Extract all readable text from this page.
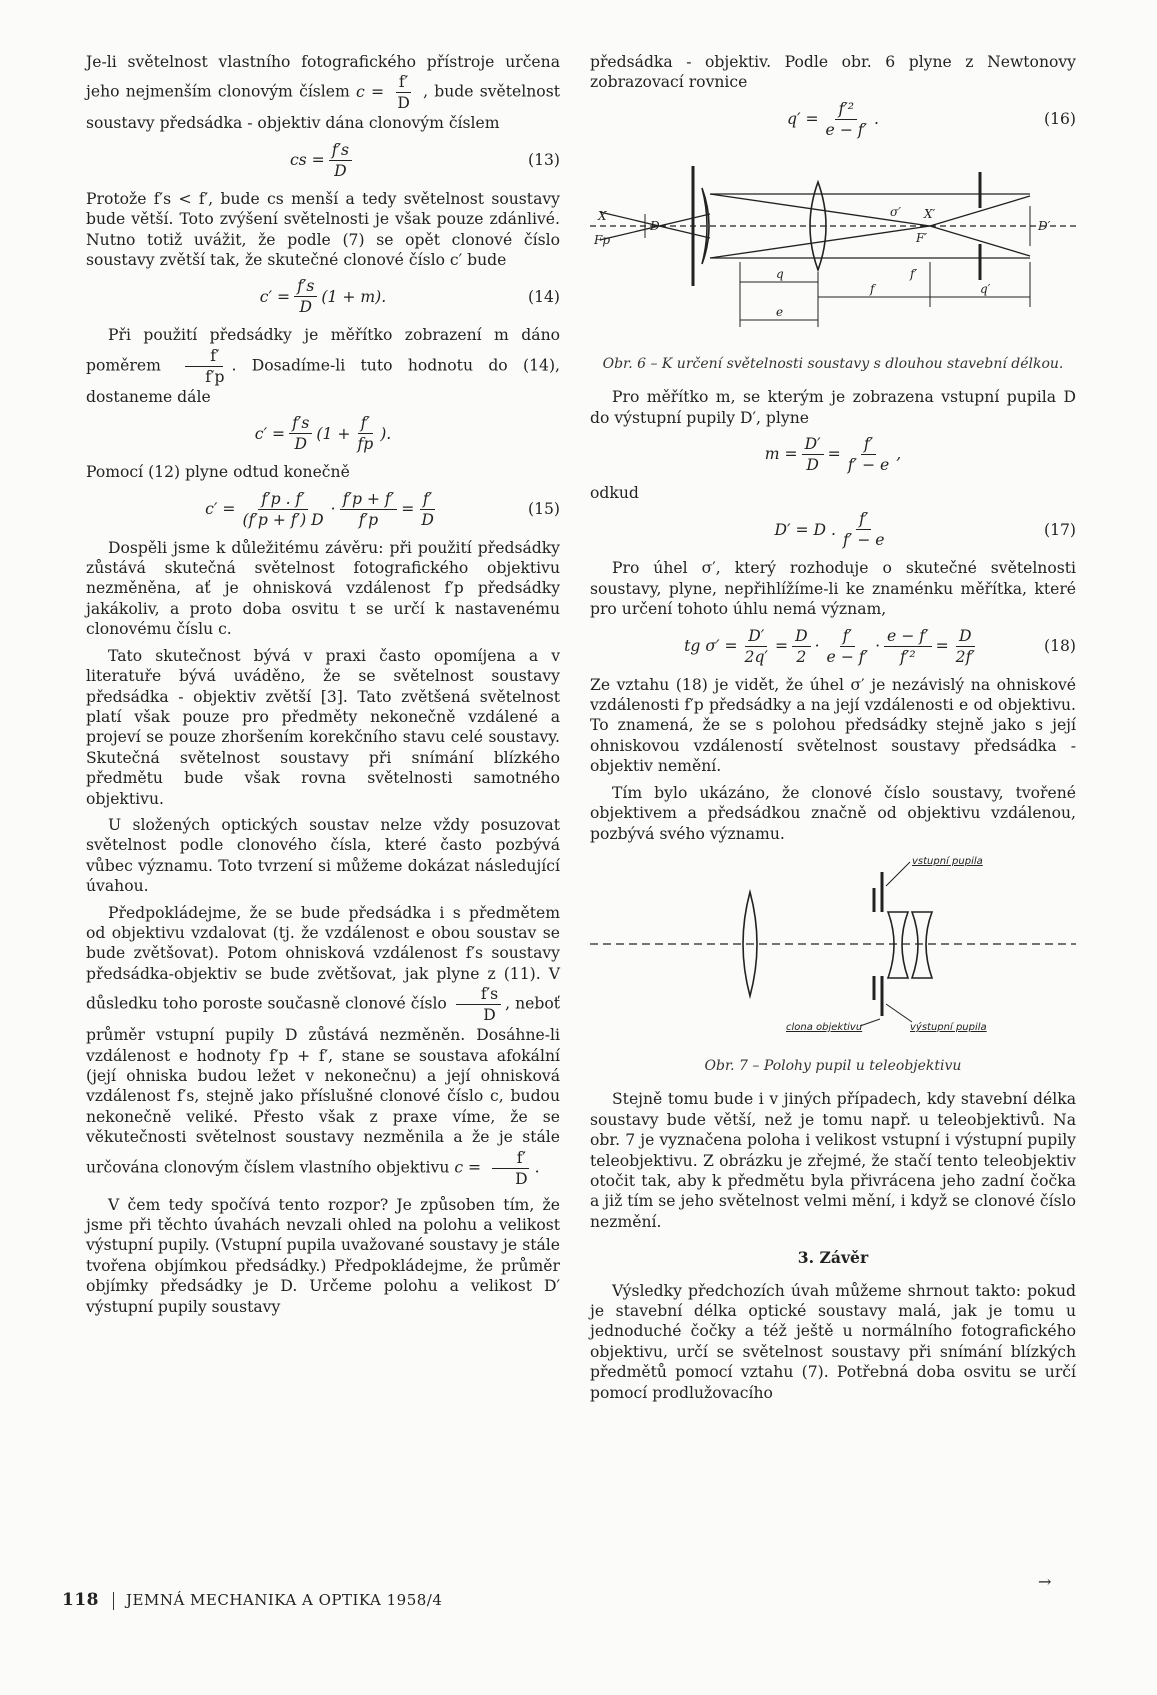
Je-li světelnost vlastního fotografického přístroje určena jeho nejmenším clonovým číslem $c = \frac{f'}{D}$ , bude světelnost soustavy předsádka - objektiv dána clonovým číslem

cs = $\frac{f's}{D}$	(13)

Protože f′s < f′, bude cs menší a tedy světelnost soustavy bude větší. Toto zvýšení světelnosti je však pouze zdánlivé. Nutno totiž uvážit, že podle (7) se opět clonové číslo soustavy zvětší tak, že skutečné clonové číslo c′ bude

$c' = \frac{f's}{D} (1 + m)$.	(14)

Při použití předsádky je měřítko zobrazení m dáno poměrem $\frac{f'}{f'p}$ . Dosadíme-li tuto hodnotu do (14), dostaneme dále

$c' = \frac{f's}{D} (1 + \frac{f'}{fp}$ ).

Pomocí (12) plyne odtud konečně

$c' = \frac{f'p . f'}{(f'p + f') D} \cdot \frac{f'p + f'}{f'p} = \frac{f'}{D}$	(15)

Dospěli jsme k důležitému závěru: při použití předsádky zůstává skutečná světelnost fotografického objektivu nezměněna, ať je ohnisková vzdálenost f′p předsádky jakákoliv, a proto doba osvitu t se určí k nastavenému clonovému číslu c.

Tato skutečnost bývá v praxi často opomíjena a v literatuře bývá uváděno, že se světelnost soustavy předsádka - objektiv zvětší [3]. Tato zvětšená světelnost platí však pouze pro předměty nekonečně vzdálené a projeví se pouze zhoršením korekčního stavu celé soustavy. Skutečná světelnost soustavy při snímání blízkého předmětu bude však rovna světelnosti samotného objektivu.

U složených optických soustav nelze vždy posuzovat světelnost podle clonového čísla, které často pozbývá vůbec významu. Toto tvrzení si můžeme dokázat následující úvahou.

Předpokládejme, že se bude předsádka i s předmětem od objektivu vzdalovat (tj. že vzdálenost e obou soustav se bude zvětšovat). Potom ohnisková vzdálenost f′s soustavy předsádka-objektiv se bude zvětšovat, jak plyne z (11). V důsledku toho poroste současně clonové číslo $\frac{f's}{D}$ , neboť průměr vstupní pupily D zůstává nezměněn. Dosáhne-li vzdálenost e hodnoty f′p + f′, stane se soustava afokální (její ohniska budou ležet v nekonečnu) a její ohnisková vzdálenost f′s, stejně jako příslušné clonové číslo c, budou nekonečně veliké. Přesto však z praxe víme, že se věkutečnosti světelnost soustavy nezměnila a že je stále určována clonovým číslem vlastního objektivu $c = \frac{f'}{D}$ .

V čem tedy spočívá tento rozpor? Je způsoben tím, že jsme při těchto úvahách nevzali ohled na polohu a velikost výstupní pupily. (Vstupní pupila uvažované soustavy je stále tvořena objímkou předsádky.) Předpokládejme, že průměr objímky předsádky je D. Určeme polohu a velikost D′ výstupní pupily soustavy

předsádka - objektiv. Podle obr. 6 plyne z Newtonovy zobrazovací rovnice

$q' = \frac{\text{f′²}}{e - f'}$ .	(16)
X
Fp
D
σ′ X′
F′
D′
q
f
f′
q′
e
Obr. 6 – K určení světelnosti soustavy s dlouhou stavební délkou.

Pro měřítko m, se kterým je zobrazena vstupní pupila D do výstupní pupily D′, plyne

$m = \frac{D'}{D} = \frac{f'}{f' - e}$ ,

odkud

D′ = D . $\frac{f'}{f' - e}$	(17)

Pro úhel σ′, který rozhoduje o skutečné světelnosti soustavy, plyne, nepřihlížíme-li ke znaménku měřítka, které pro určení tohoto úhlu nemá význam,

tg $\sigma' = \frac{D'}{2q'} = \frac{D}{2} \cdot \frac{f'}{e - f'} \cdot \frac{e - f'}{\text{f′²}} = \frac{D}{2f'}$	(18)

Ze vztahu (18) je vidět, že úhel σ′ je nezávislý na ohniskové vzdálenosti f′p předsádky a na její vzdálenosti e od objektivu. To znamená, že se s polohou předsádky stejně jako s její ohniskovou vzdáleností světelnost soustavy předsádka - objektiv nemění.

Tím bylo ukázáno, že clonové číslo soustavy, tvořené objektivem a předsádkou značně od objektivu vzdálenou, pozbývá svého významu.

vstupní pupila
clona objektivu	výstupní pupila
Obr. 7 – Polohy pupil u teleobjektivu

Stejně tomu bude i v jiných případech, kdy stavební délka soustavy bude větší, než je tomu např. u teleobjektivů. Na obr. 7 je vyznačena poloha i velikost vstupní i výstupní pupily teleobjektivu. Z obrázku je zřejmé, že stačí tento teleobjektiv otočit tak, aby k předmětu byla přivrácena jeho zadní čočka a již tím se jeho světelnost velmi mění, i když se clonové číslo nezmění.

3. Závěr

Výsledky předchozích úvah můžeme shrnout takto: pokud je stavební délka optické soustavy malá, jak je tomu u jednoduché čočky a též ještě u normálního fotografického objektivu, určí se světelnost soustavy při snímání blízkých předmětů pomocí vztahu (7). Potřebná doba osvitu se určí pomocí prodlužovacího

→
118 JEMNÁ MECHANIKA A OPTIKA 1958/4
